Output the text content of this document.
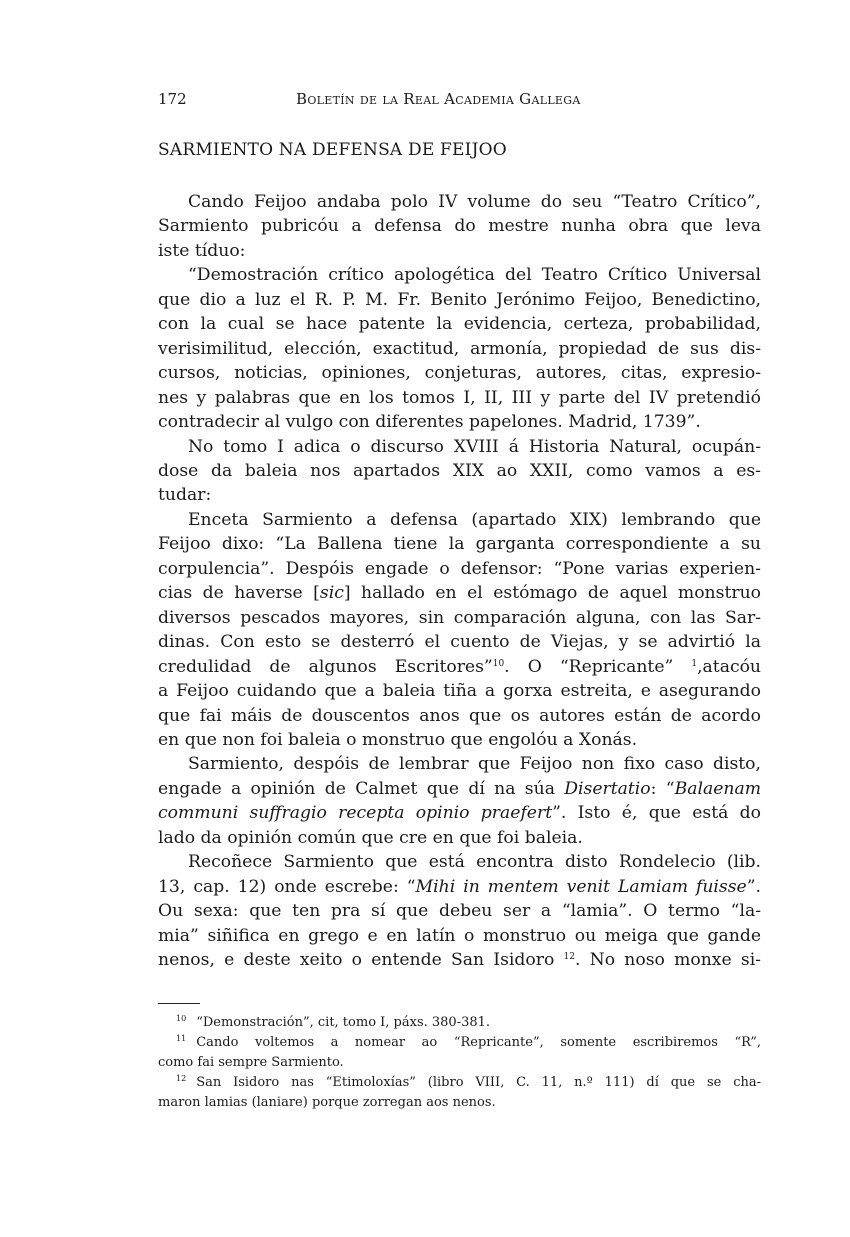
172	Boletín de la Real Academia Gallega
SARMIENTO NA DEFENSA DE FEIJOO
Cando Feijoo andaba polo IV volume do seu “Teatro Crítico”,
Sarmiento pubricóu a defensa do mestre nunha obra que leva
iste tíduo:
“Demostración crítico apologética del Teatro Crítico Universal
que dio a luz el R. P. M. Fr. Benito Jerónimo Feijoo, Benedictino,
con la cual se hace patente la evidencia, certeza, probabilidad,
verisimilitud, elección, exactitud, armonía, propiedad de sus dis-
cursos, noticias, opiniones, conjeturas, autores, citas, expresio-
nes y palabras que en los tomos I, II, III y parte del IV pretendió
contradecir al vulgo con diferentes papelones. Madrid, 1739”.
No tomo I adica o discurso XVIII á Historia Natural, ocupán-
dose da baleia nos apartados XIX ao XXII, como vamos a es-
tudar:
Enceta Sarmiento a defensa (apartado XIX) lembrando que
Feijoo dixo: “La Ballena tiene la garganta correspondiente a su
corpulencia”. Despóis engade o defensor: “Pone varias experien-
cias de haverse [sic] hallado en el estómago de aquel monstruo
diversos pescados mayores, sin comparación alguna, con las Sar-
dinas. Con esto se desterró el cuento de Viejas, y se advirtió la
credulidad de algunos Escritores”$^{10}$. O “Repricante” $^1$,atacóu
a Feijoo cuidando que a baleia tiña a gorxa estreita, e asegurando
que fai máis de douscentos anos que os autores están de acordo
en que non foi baleia o monstruo que engolóu a Xonás.
Sarmiento, despóis de lembrar que Feijoo non fixo caso disto,
engade a opinión de Calmet que dí na súa Disertatio: “Balaenam
communi suffragio recepta opinio praefert”. Isto é, que está do
lado da opinión común que cre en que foi baleia.
Recoñece Sarmiento que está encontra disto Rondelecio (lib.
13, cap. 12) onde escrebe: “Mihi in mentem venit Lamiam fuisse”.
Ou sexa: que ten pra sí que debeu ser a “lamia”. O termo “la-
mia” siñifica en grego e en latín o monstruo ou meiga que gande
nenos, e deste xeito o entende San Isidoro $^{12}$. No noso monxe si-
$^{10}$ “Demonstración”, cit, tomo I, páxs. 380-381.
$^{11}$ Cando voltemos a nomear ao “Repricante”, somente escribiremos “R”,
como fai sempre Sarmiento.
$^{12}$ San Isidoro nas “Etimoloxías” (libro VIII, C. 11, n.º 111) dí que se cha-
maron lamias (laniare) porque zorregan aos nenos.
